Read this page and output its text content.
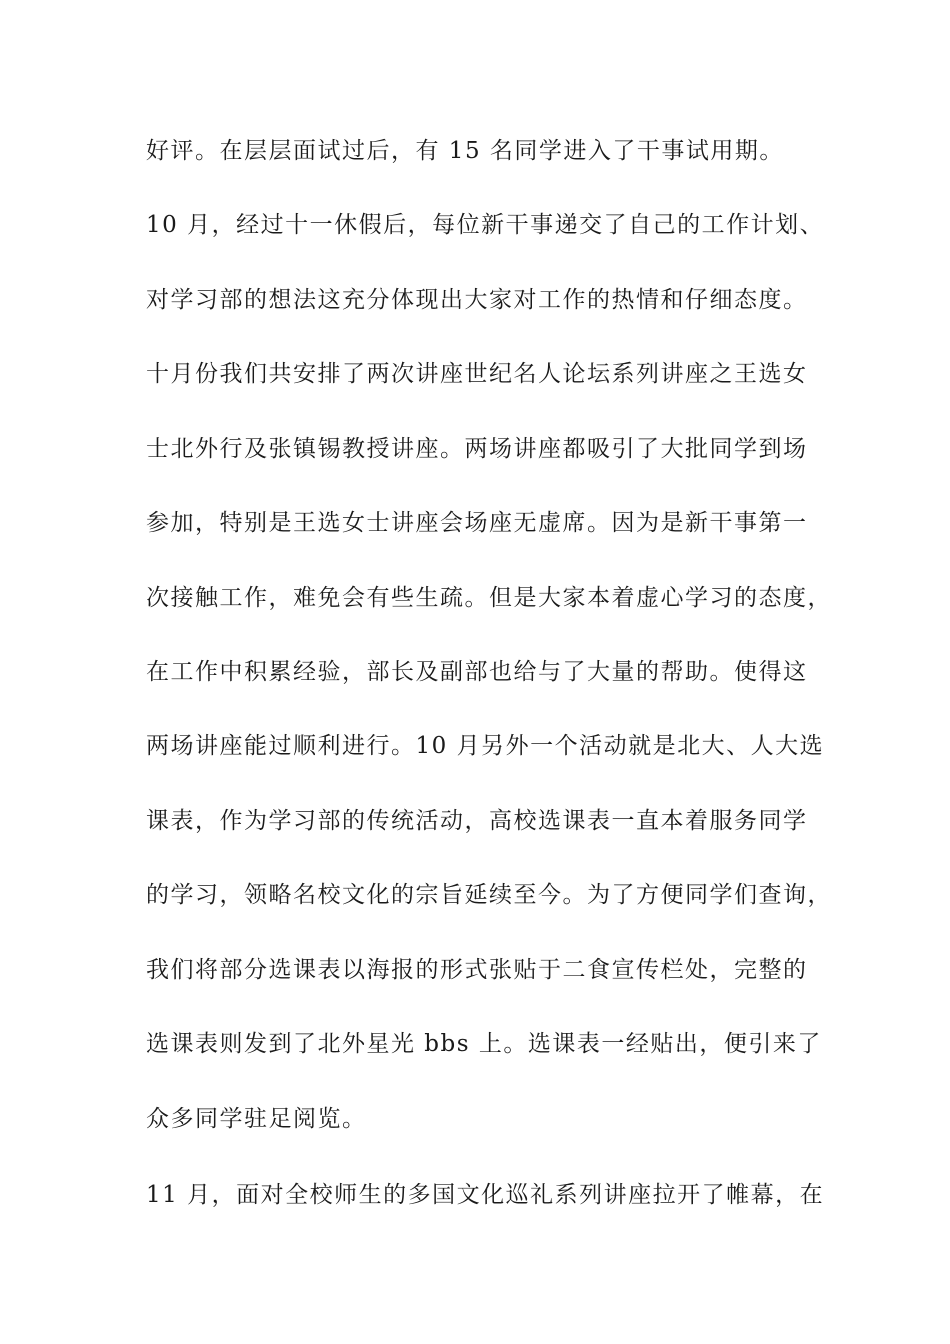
好评。在层层面试过后，有 15 名同学进入了干事试用期。
10 月，经过十一休假后，每位新干事递交了自己的工作计划、
对学习部的想法这充分体现出大家对工作的热情和仔细态度。
十月份我们共安排了两次讲座世纪名人论坛系列讲座之王选女
士北外行及张镇锡教授讲座。两场讲座都吸引了大批同学到场
参加，特别是王选女士讲座会场座无虚席。因为是新干事第一
次接触工作，难免会有些生疏。但是大家本着虚心学习的态度，
在工作中积累经验，部长及副部也给与了大量的帮助。使得这
两场讲座能过顺利进行。10 月另外一个活动就是北大、人大选
课表，作为学习部的传统活动，高校选课表一直本着服务同学
的学习，领略名校文化的宗旨延续至今。为了方便同学们查询，
我们将部分选课表以海报的形式张贴于二食宣传栏处，完整的
选课表则发到了北外星光 bbs 上。选课表一经贴出，便引来了
众多同学驻足阅览。
11 月，面对全校师生的多国文化巡礼系列讲座拉开了帷幕，在
